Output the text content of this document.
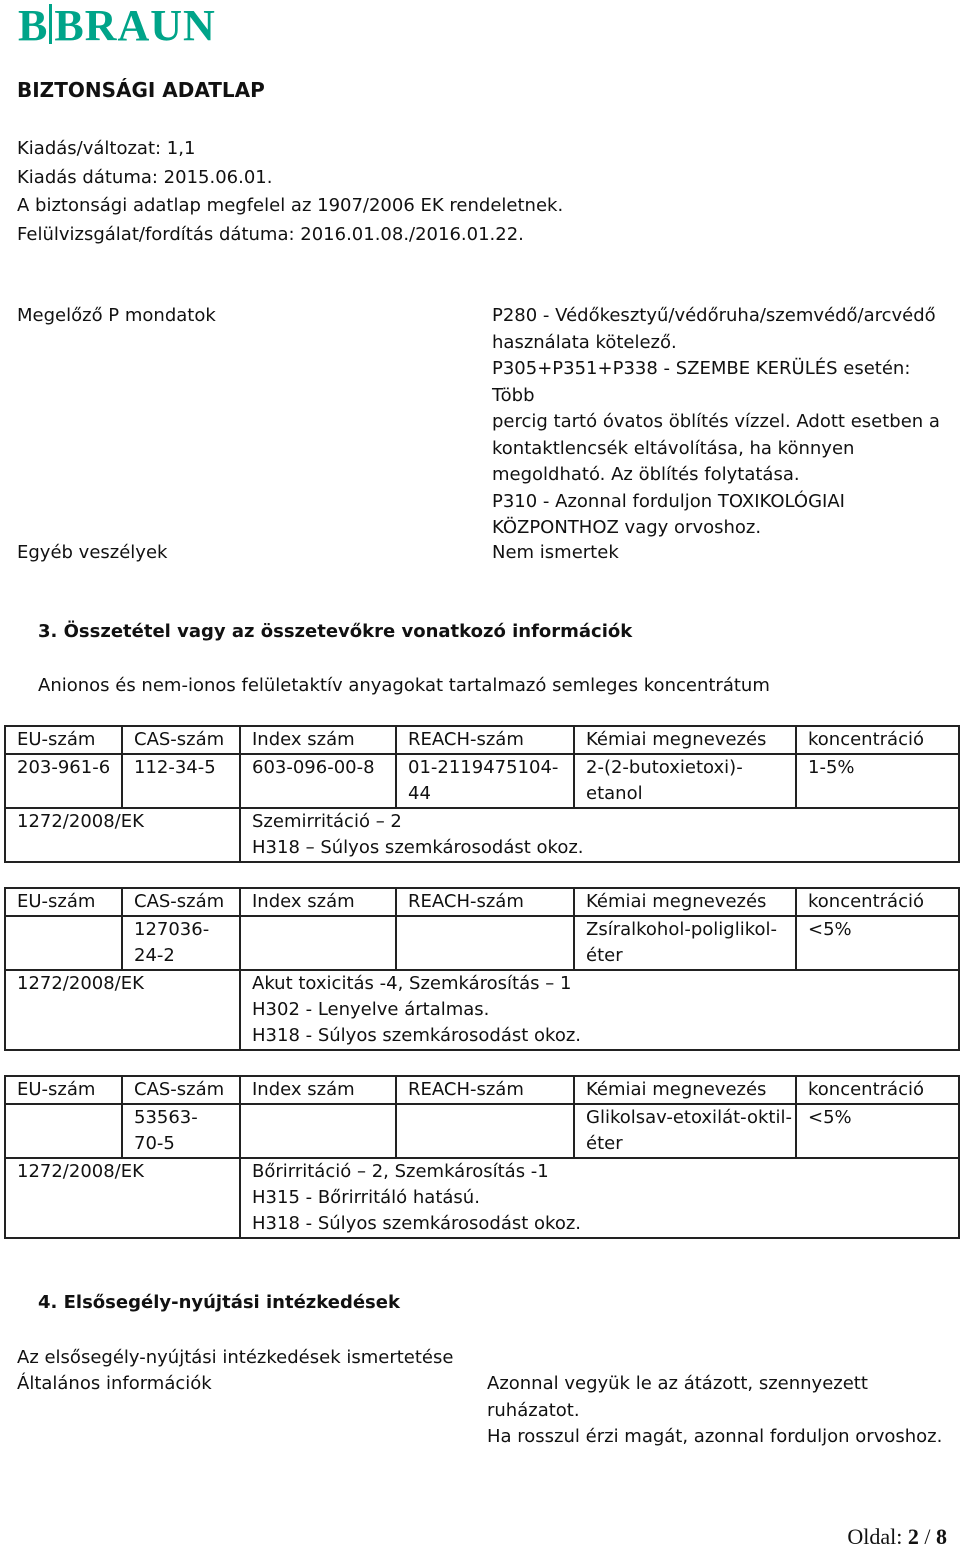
B BRAUN
BIZTONSÁGI ADATLAP
Kiadás/változat: 1,1
Kiadás dátuma: 2015.06.01.
A biztonsági adatlap megfelel az 1907/2006 EK rendeletnek.
Felülvizsgálat/fordítás dátuma: 2016.01.08./2016.01.22.
Megelőző P mondatok	P280 - Védőkesztyű/védőruha/szemvédő/arcvédő
használata kötelező.
P305+P351+P338 - SZEMBE KERÜLÉS esetén: Több
percig tartó óvatos öblítés vízzel. Adott esetben a
kontaktlencsék eltávolítása, ha könnyen
megoldható. Az öblítés folytatása.
P310 - Azonnal forduljon TOXIKOLÓGIAI
KÖZPONTHOZ vagy orvoshoz.
Egyéb veszélyek	Nem ismertek
3. Összetétel vagy az összetevőkre vonatkozó információk
Anionos és nem-ionos felületaktív anyagokat tartalmazó semleges koncentrátum
EU-szám	CAS-szám	Index szám	REACH-szám	Kémiai megnevezés	koncentráció
203-961-6	112-34-5	603-096-00-8	01-2119475104-44	2-(2-butoxietoxi)-etanol	1-5%
1272/2008/EK		Szemirritáció – 2
H318 – Súlyos szemkárosodást okoz.			
EU-szám	CAS-szám	Index szám	REACH-szám	Kémiai megnevezés	koncentráció
	127036-24-2			Zsíralkohol-poliglikol-éter	<5%
1272/2008/EK		Akut toxicitás -4, Szemkárosítás – 1
H302 - Lenyelve ártalmas.
H318 - Súlyos szemkárosodást okoz.			
EU-szám	CAS-szám	Index szám	REACH-szám	Kémiai megnevezés	koncentráció
	53563-70-5			Glikolsav-etoxilát-oktil-éter	<5%
1272/2008/EK		Bőrirritáció – 2, Szemkárosítás -1
H315 - Bőrirritáló hatású.
H318 - Súlyos szemkárosodást okoz.			
4. Elsősegély-nyújtási intézkedések
Az elsősegély-nyújtási intézkedések ismertetése
Általános információk	Azonnal vegyük le az átázott, szennyezett
ruházatot.
Ha rosszul érzi magát, azonnal forduljon orvoshoz.
Oldal: 2 / 8
